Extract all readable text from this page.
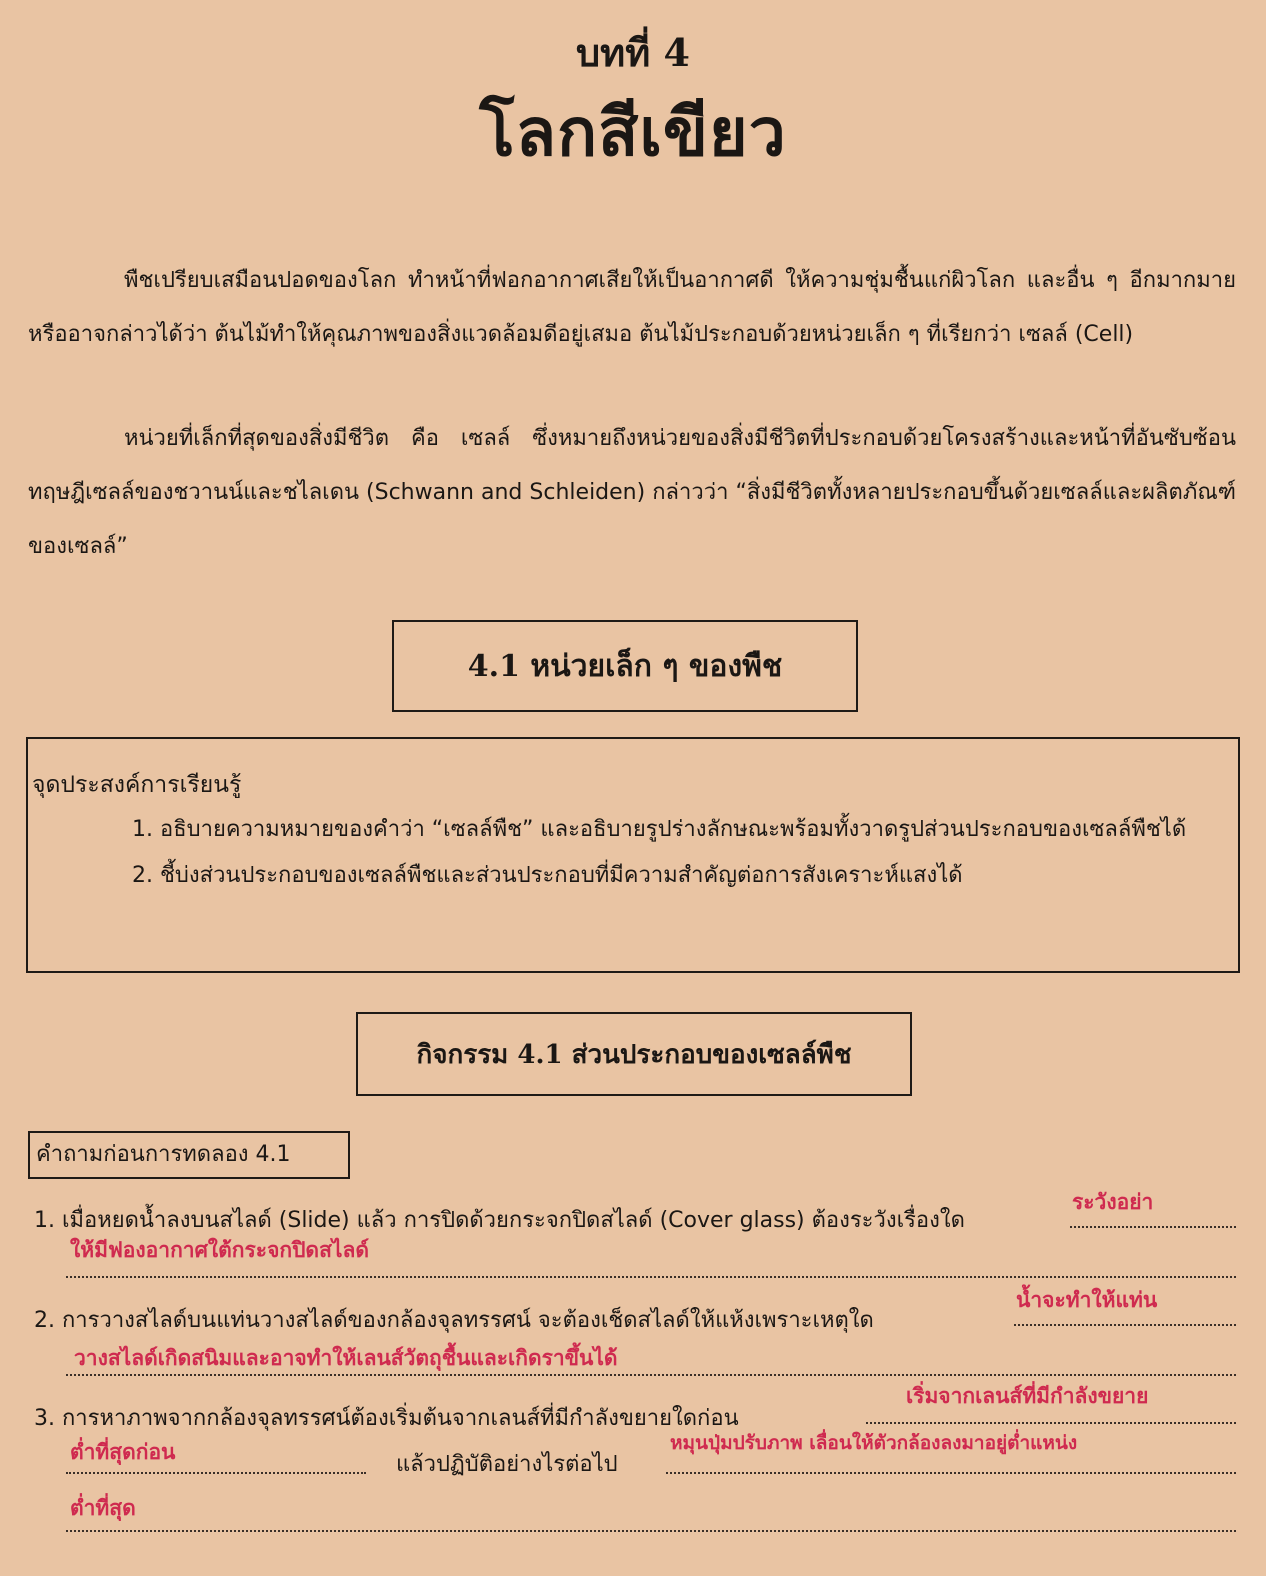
บทที่ 4
โลกสีเขียว
พืชเปรียบเสมือนปอดของโลก ทำหน้าที่ฟอกอากาศเสียให้เป็นอากาศดี ให้ความชุ่มชื้นแก่ผิวโลก และอื่น ๆ อีกมากมาย หรืออาจกล่าวได้ว่า ต้นไม้ทำให้คุณภาพของสิ่งแวดล้อมดีอยู่เสมอ ต้นไม้ประกอบด้วยหน่วยเล็ก ๆ ที่เรียกว่า เซลล์ (Cell)
หน่วยที่เล็กที่สุดของสิ่งมีชีวิต คือ เซลล์ ซึ่งหมายถึงหน่วยของสิ่งมีชีวิตที่ประกอบด้วยโครงสร้างและหน้าที่อันซับซ้อน ทฤษฎีเซลล์ของชวานน์และชไลเดน (Schwann and Schleiden) กล่าวว่า “สิ่งมีชีวิตทั้งหลายประกอบขึ้นด้วยเซลล์และผลิตภัณฑ์ของเซลล์”
4.1 หน่วยเล็ก ๆ ของพืช
จุดประสงค์การเรียนรู้
1. อธิบายความหมายของคำว่า “เซลล์พืช” และอธิบายรูปร่างลักษณะพร้อมทั้งวาดรูปส่วนประกอบของเซลล์พืชได้
2. ชี้บ่งส่วนประกอบของเซลล์พืชและส่วนประกอบที่มีความสำคัญต่อการสังเคราะห์แสงได้
กิจกรรม 4.1 ส่วนประกอบของเซลล์พืช
คำถามก่อนการทดลอง 4.1
1. เมื่อหยดน้ำลงบนสไลด์ (Slide) แล้ว การปิดด้วยกระจกปิดสไลด์ (Cover glass) ต้องระวังเรื่องใด
ระวังอย่า
ให้มีฟองอากาศใต้กระจกปิดสไลด์
2. การวางสไลด์บนแท่นวางสไลด์ของกล้องจุลทรรศน์ จะต้องเช็ดสไลด์ให้แห้งเพราะเหตุใด
น้ำจะทำให้แท่น
วางสไลด์เกิดสนิมและอาจทำให้เลนส์วัตถุชื้นและเกิดราขึ้นได้
3. การหาภาพจากกล้องจุลทรรศน์ต้องเริ่มต้นจากเลนส์ที่มีกำลังขยายใดก่อน
เริ่มจากเลนส์ที่มีกำลังขยาย
ต่ำที่สุดก่อน
แล้วปฏิบัติอย่างไรต่อไป
หมุนปุ่มปรับภาพ เลื่อนให้ตัวกล้องลงมาอยู่ต่ำแหน่ง
ต่ำที่สุด
